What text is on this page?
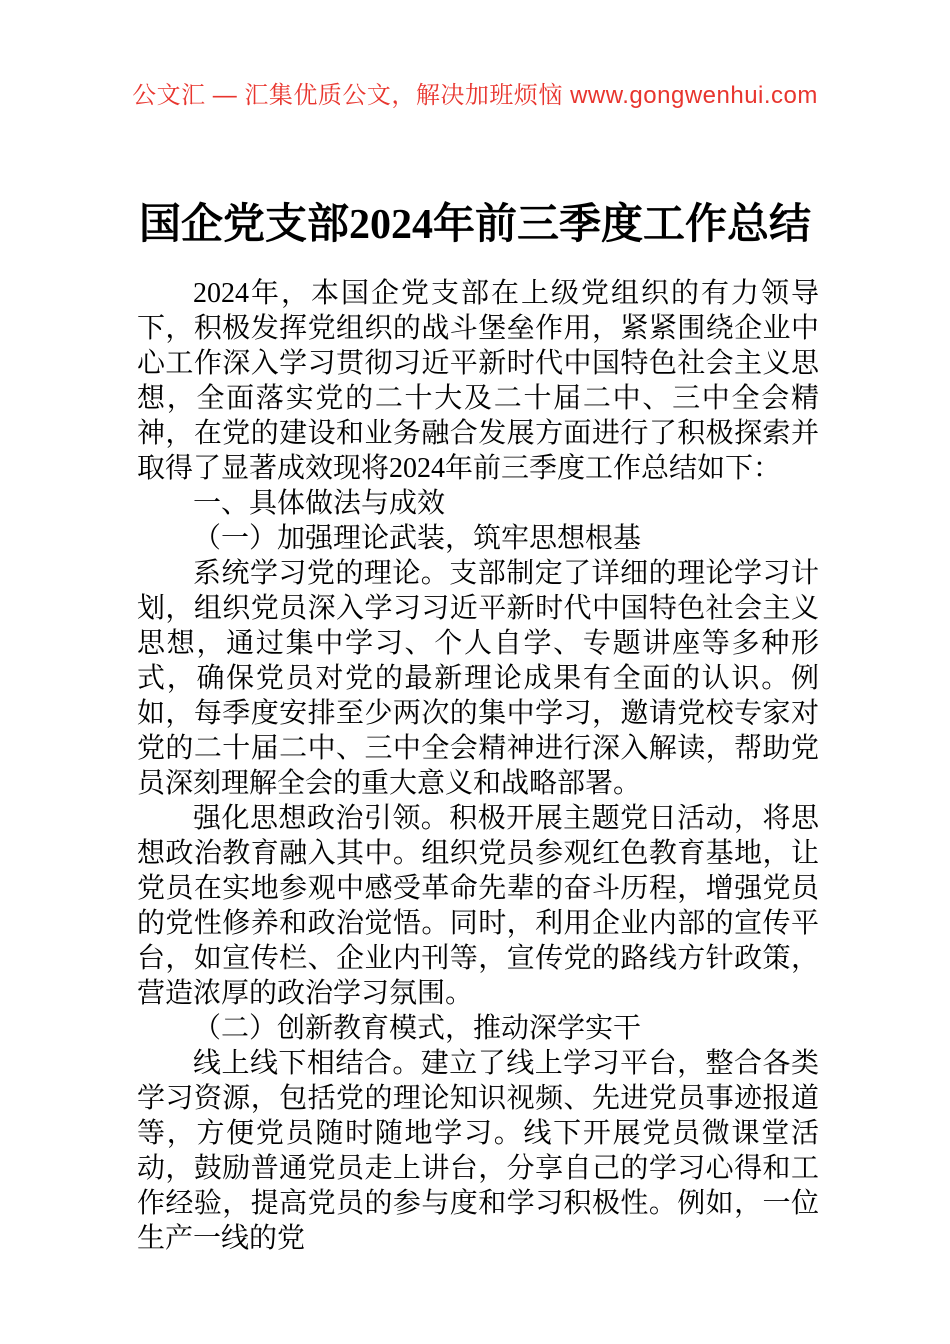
公文汇 — 汇集优质公文，解决加班烦恼 www.gongwenhui.com
国企党支部2024年前三季度工作总结

2024年，本国企党支部在上级党组织的有力领导下，积极发挥党组织的战斗堡垒作用，紧紧围绕企业中心工作深入学习贯彻习近平新时代中国特色社会主义思想，全面落实党的二十大及二十届二中、三中全会精神，在党的建设和业务融合发展方面进行了积极探索并取得了显著成效现将2024年前三季度工作总结如下：

一、具体做法与成效

（一）加强理论武装，筑牢思想根基

系统学习党的理论。支部制定了详细的理论学习计划，组织党员深入学习习近平新时代中国特色社会主义思想，通过集中学习、个人自学、专题讲座等多种形式，确保党员对党的最新理论成果有全面的认识。例如，每季度安排至少两次的集中学习，邀请党校专家对党的二十届二中、三中全会精神进行深入解读，帮助党员深刻理解全会的重大意义和战略部署。

强化思想政治引领。积极开展主题党日活动，将思想政治教育融入其中。组织党员参观红色教育基地，让党员在实地参观中感受革命先辈的奋斗历程，增强党员的党性修养和政治觉悟。同时，利用企业内部的宣传平台，如宣传栏、企业内刊等，宣传党的路线方针政策，营造浓厚的政治学习氛围。

（二）创新教育模式，推动深学实干

线上线下相结合。建立了线上学习平台，整合各类学习资源，包括党的理论知识视频、先进党员事迹报道等，方便党员随时随地学习。线下开展党员微课堂活动，鼓励普通党员走上讲台，分享自己的学习心得和工作经验，提高党员的参与度和学习积极性。例如，一位生产一线的党
